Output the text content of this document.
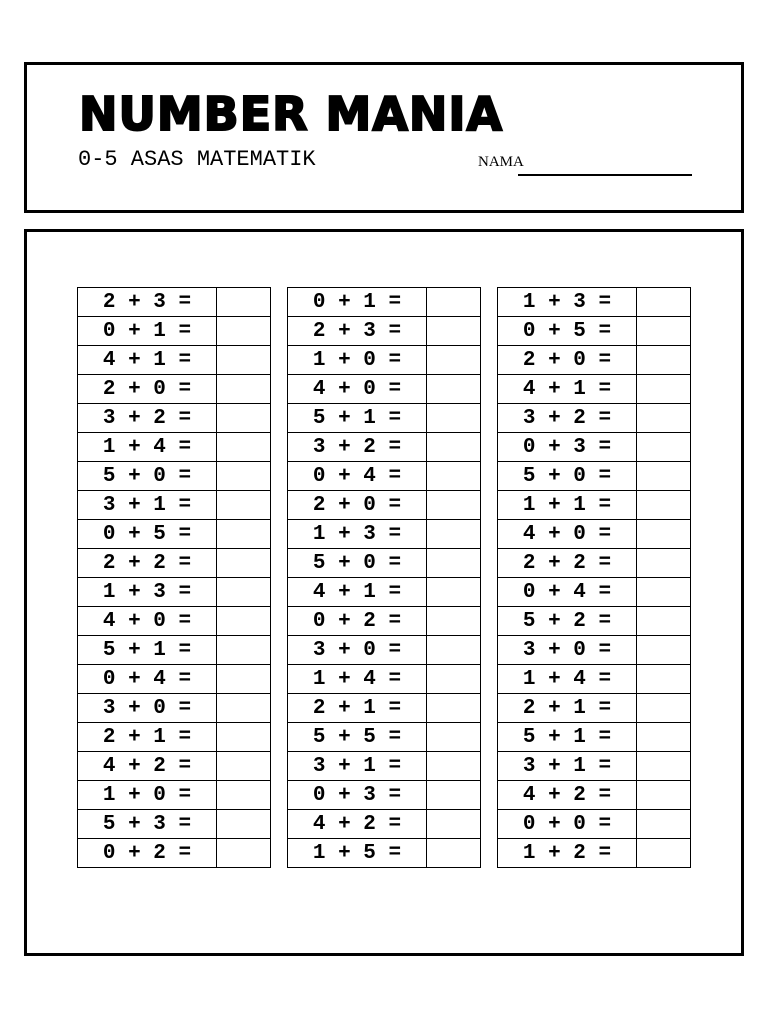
NUMBER MANIA
0-5 ASAS MATEMATIK	NAMA
2 + 3 =	
0 + 1 =	
4 + 1 =	
2 + 0 =	
3 + 2 =	
1 + 4 =	
5 + 0 =	
3 + 1 =	
0 + 5 =	
2 + 2 =	
1 + 3 =	
4 + 0 =	
5 + 1 =	
0 + 4 =	
3 + 0 =	
2 + 1 =	
4 + 2 =	
1 + 0 =	
5 + 3 =	
0 + 2 =	
0 + 1 =	
2 + 3 =	
1 + 0 =	
4 + 0 =	
5 + 1 =	
3 + 2 =	
0 + 4 =	
2 + 0 =	
1 + 3 =	
5 + 0 =	
4 + 1 =	
0 + 2 =	
3 + 0 =	
1 + 4 =	
2 + 1 =	
5 + 5 =	
3 + 1 =	
0 + 3 =	
4 + 2 =	
1 + 5 =	
1 + 3 =	
0 + 5 =	
2 + 0 =	
4 + 1 =	
3 + 2 =	
0 + 3 =	
5 + 0 =	
1 + 1 =	
4 + 0 =	
2 + 2 =	
0 + 4 =	
5 + 2 =	
3 + 0 =	
1 + 4 =	
2 + 1 =	
5 + 1 =	
3 + 1 =	
4 + 2 =	
0 + 0 =	
1 + 2 =	
